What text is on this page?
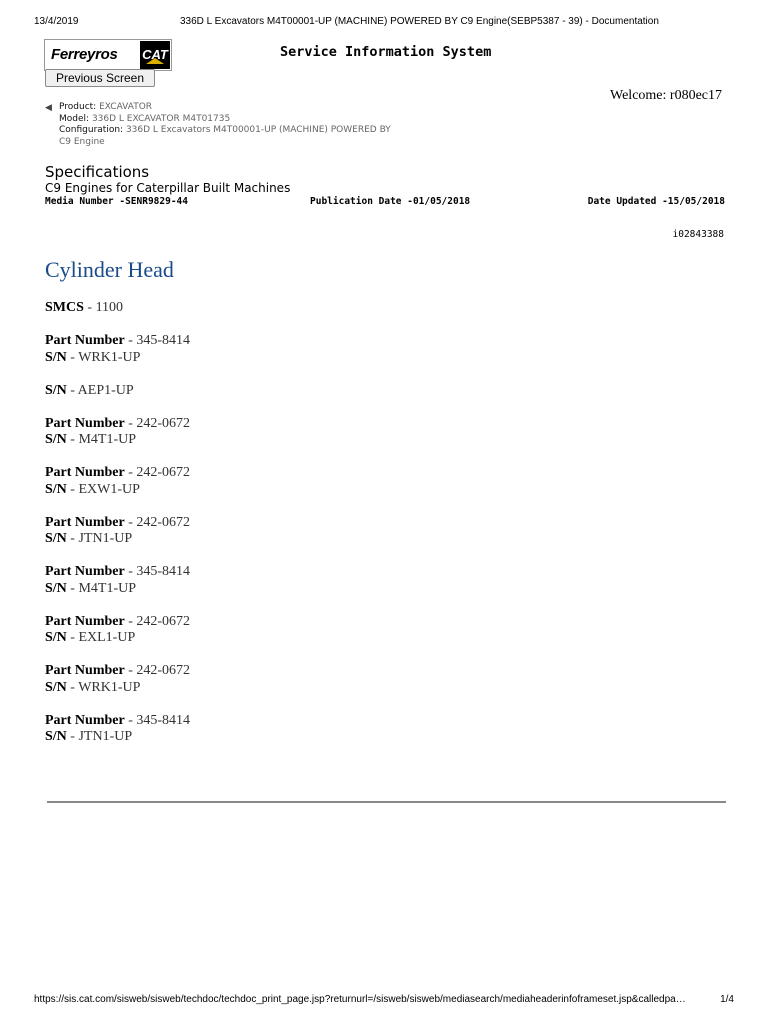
13/4/2019	336D L Excavators M4T00001-UP (MACHINE) POWERED BY C9 Engine(SEBP5387 - 39) - Documentation
Ferreyros CAT	Service Information System
Previous Screen
Welcome: r080ec17
◀ Product: EXCAVATOR
Model: 336D L EXCAVATOR M4T01735
Configuration: 336D L Excavators M4T00001-UP (MACHINE) POWERED BY
C9 Engine
Specifications
C9 Engines for Caterpillar Built Machines
Media Number -SENR9829-44	Publication Date -01/05/2018	Date Updated -15/05/2018
i02843388
Cylinder Head
SMCS - 1100
Part Number - 345-8414
S/N - WRK1-UP
S/N - AEP1-UP
Part Number - 242-0672
S/N - M4T1-UP
Part Number - 242-0672
S/N - EXW1-UP
Part Number - 242-0672
S/N - JTN1-UP
Part Number - 345-8414
S/N - M4T1-UP
Part Number - 242-0672
S/N - EXL1-UP
Part Number - 242-0672
S/N - WRK1-UP
Part Number - 345-8414
S/N - JTN1-UP
https://sis.cat.com/sisweb/sisweb/techdoc/techdoc_print_page.jsp?returnurl=/sisweb/sisweb/mediasearch/mediaheaderinfoframeset.jsp&calledpa…	1/4
